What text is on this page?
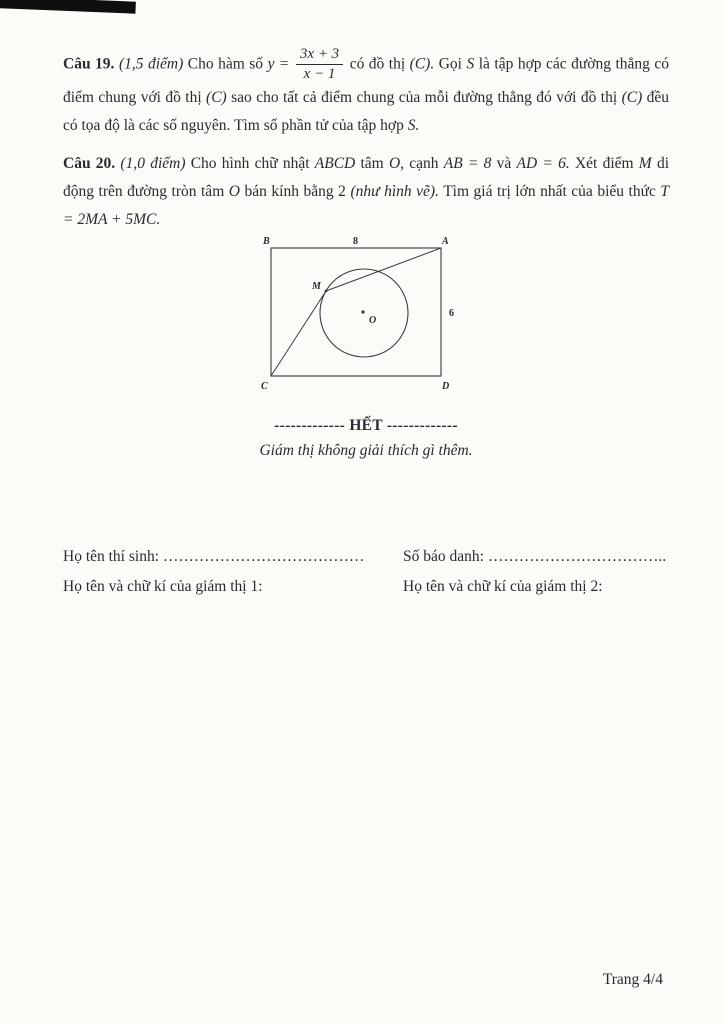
Câu 19. (1,5 điểm) Cho hàm số $y = \frac{3x + 3}{x - 1}$ có đồ thị (C). Gọi S là tập hợp các đường thẳng có điểm chung với đồ thị (C) sao cho tất cả điểm chung của mỗi đường thẳng đó với đồ thị (C) đều có tọa độ là các số nguyên. Tìm số phần tử của tập hợp S.

Câu 20. (1,0 điểm) Cho hình chữ nhật ABCD tâm O, cạnh AB = 8 và AD = 6. Xét điểm M di động trên đường tròn tâm O bán kính bằng 2 (như hình vẽ). Tìm giá trị lớn nhất của biểu thức T = 2MA + 5MC.

B	A
8
C	D
6
O
M
------------- HẾT -------------
Giám thị không giải thích gì thêm.
Họ tên thí sinh: …………………………………	Số báo danh: ……………………………..
Họ tên và chữ kí của giám thị 1:	Họ tên và chữ kí của giám thị 2:
Trang 4/4
